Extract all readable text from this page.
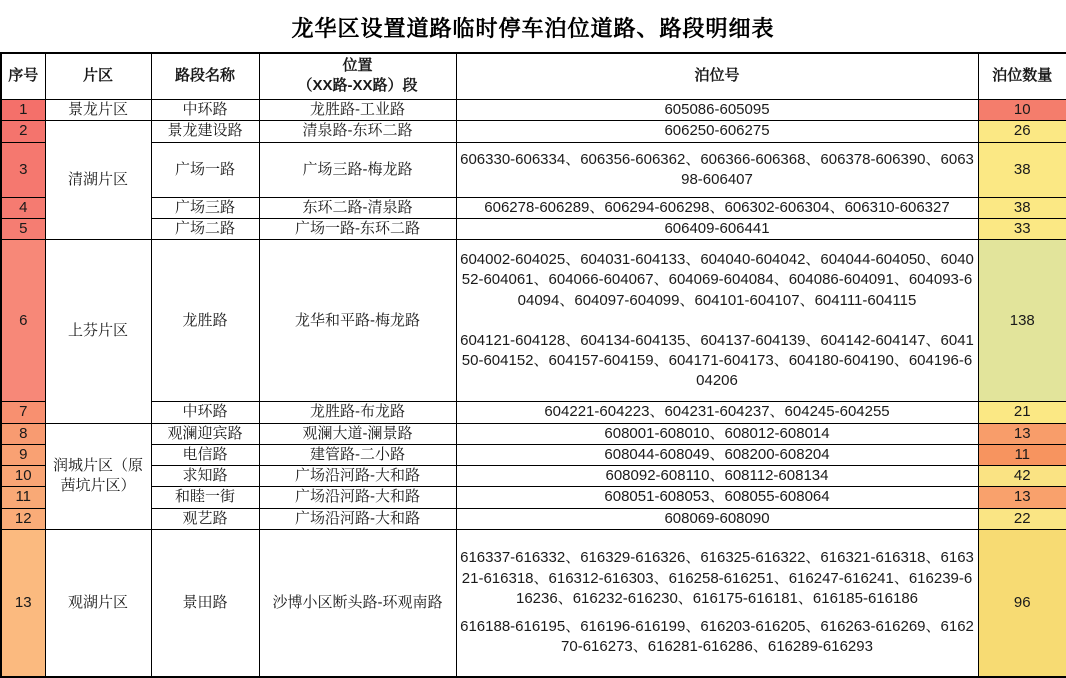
龙华区设置道路临时停车泊位道路、路段明细表
序号	片区	路段名称	位置
（XX路-XX路）段	泊位号	泊位数量
1	景龙片区	中环路	龙胜路-工业路	605086-605095	10
2	清湖片区	景龙建设路	清泉路-东环二路	606250-606275	26
3		广场一路	广场三路-梅龙路	606330-606334、606356-606362、606366-606368、606378-606390、606398-606407	38
4		广场三路	东环二路-清泉路	606278-606289、606294-606298、606302-606304、606310-606327	38
5		广场二路	广场一路-东环二路	606409-606441	33
6	上芬片区	龙胜路	龙华和平路-梅龙路	604002-604025、604031-604133、604040-604042、604044-604050、604052-604061、604066-604067、604069-604084、604086-604091、604093-604094、604097-604099、604101-604107、604111-604115
604121-604128、604134-604135、604137-604139、604142-604147、604150-604152、604157-604159、604171-604173、604180-604190、604196-604206	138
7		中环路	龙胜路-布龙路	604221-604223、604231-604237、604245-604255	21
8	润城片区（原茜坑片区）	观澜迎宾路	观澜大道-澜景路	608001-608010、608012-608014	13
9		电信路	建管路-二小路	608044-608049、608200-608204	11
10		求知路	广场沿河路-大和路	608092-608110、608112-608134	42
11		和睦一街	广场沿河路-大和路	608051-608053、608055-608064	13
12		观艺路	广场沿河路-大和路	608069-608090	22
13	观湖片区	景田路	沙博小区断头路-环观南路	616337-616332、616329-616326、616325-616322、616321-616318、616321-616318、616312-616303、616258-616251、616247-616241、616239-616236、616232-616230、616175-616181、616185-616186
616188-616195、616196-616199、616203-616205、616263-616269、616270-616273、616281-616286、616289-616293	96
